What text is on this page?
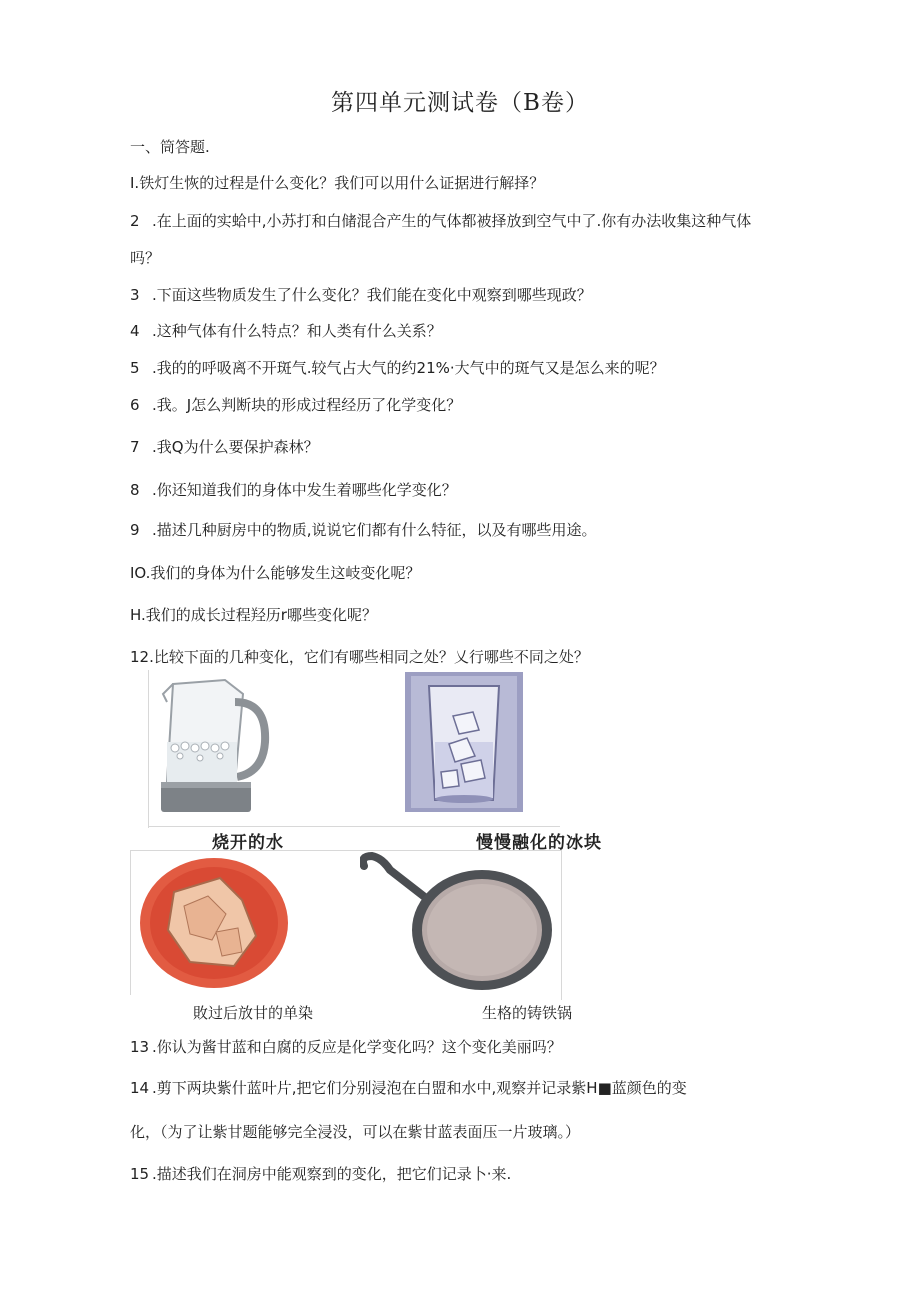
第四单元测试卷（B卷）
一、筒答题.
I.铁灯生恢的过程是什么变化？我们可以用什么证据进行解择？
2 .在上面的实蛤中,小苏打和白储混合产生的气体都被择放到空气中了.你有办法收集这种气体
吗？
3 .下面这些物质发生了什么变化？我们能在变化中观察到哪些现政？
4 .这种气体有什么特点？和人类有什么关系？
5 .我的的呼吸离不开斑气.较气占大气的约21%·大气中的斑气又是怎么来的呢？
6 .我。J怎么判断块的形成过程经历了化学变化？
7 .我Q为什么要保护森林？
8 .你还知道我们的身体中发生着哪些化学变化？
9 .描述几种厨房中的物质,说说它们都有什么特征，以及有哪些用途。
IO.我们的身体为什么能够发生这岐变化呢？
H.我们的成长过程羟历r哪些变化呢？
12.比较下面的几种变化，它们有哪些相同之处？乂行哪些不同之处？
烧开的水	慢慢融化的冰块
敗过后放甘的单染	生格的铸铁锅
13 .你认为酱甘蓝和白腐的反应是化学变化吗？这个变化美丽吗？
14 .剪下两块紫什蓝叶片,把它们分别浸泡在白盟和水中,观察并记录紫H■蓝颜色的变
化，（为了让紫甘题能够完全浸没，可以在紫甘蓝表面压一片玻璃。）
15 .描述我们在洞房中能观察到的变化，把它们记录卜·来.
